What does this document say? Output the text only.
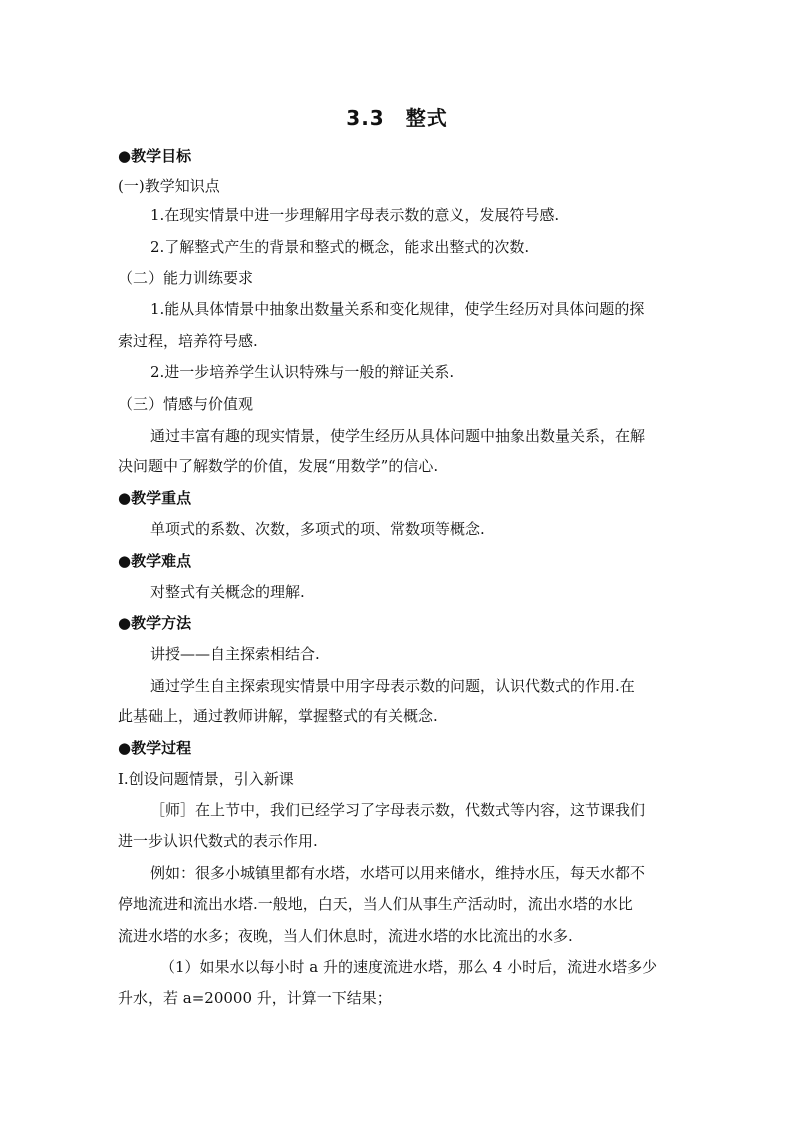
3.3　整式
●教学目标
(一)教学知识点
1.在现实情景中进一步理解用字母表示数的意义，发展符号感.
2.了解整式产生的背景和整式的概念，能求出整式的次数.
（二）能力训练要求
1.能从具体情景中抽象出数量关系和变化规律，使学生经历对具体问题的探
索过程，培养符号感.
2.进一步培养学生认识特殊与一般的辩证关系.
（三）情感与价值观
通过丰富有趣的现实情景，使学生经历从具体问题中抽象出数量关系，在解
决问题中了解数学的价值，发展“用数学”的信心.
●教学重点
单项式的系数、次数，多项式的项、常数项等概念.
●教学难点
对整式有关概念的理解.
●教学方法
讲授——自主探索相结合.
通过学生自主探索现实情景中用字母表示数的问题，认识代数式的作用.在
此基础上，通过教师讲解，掌握整式的有关概念.
●教学过程
Ⅰ.创设问题情景，引入新课
［师］在上节中，我们已经学习了字母表示数，代数式等内容，这节课我们
进一步认识代数式的表示作用.
例如：很多小城镇里都有水塔，水塔可以用来储水，维持水压，每天水都不
停地流进和流出水塔.一般地，白天，当人们从事生产活动时，流出水塔的水比
流进水塔的水多；夜晚，当人们休息时，流进水塔的水比流出的水多.
（1）如果水以每小时 a 升的速度流进水塔，那么 4 小时后，流进水塔多少
升水，若 a=20000 升，计算一下结果；
